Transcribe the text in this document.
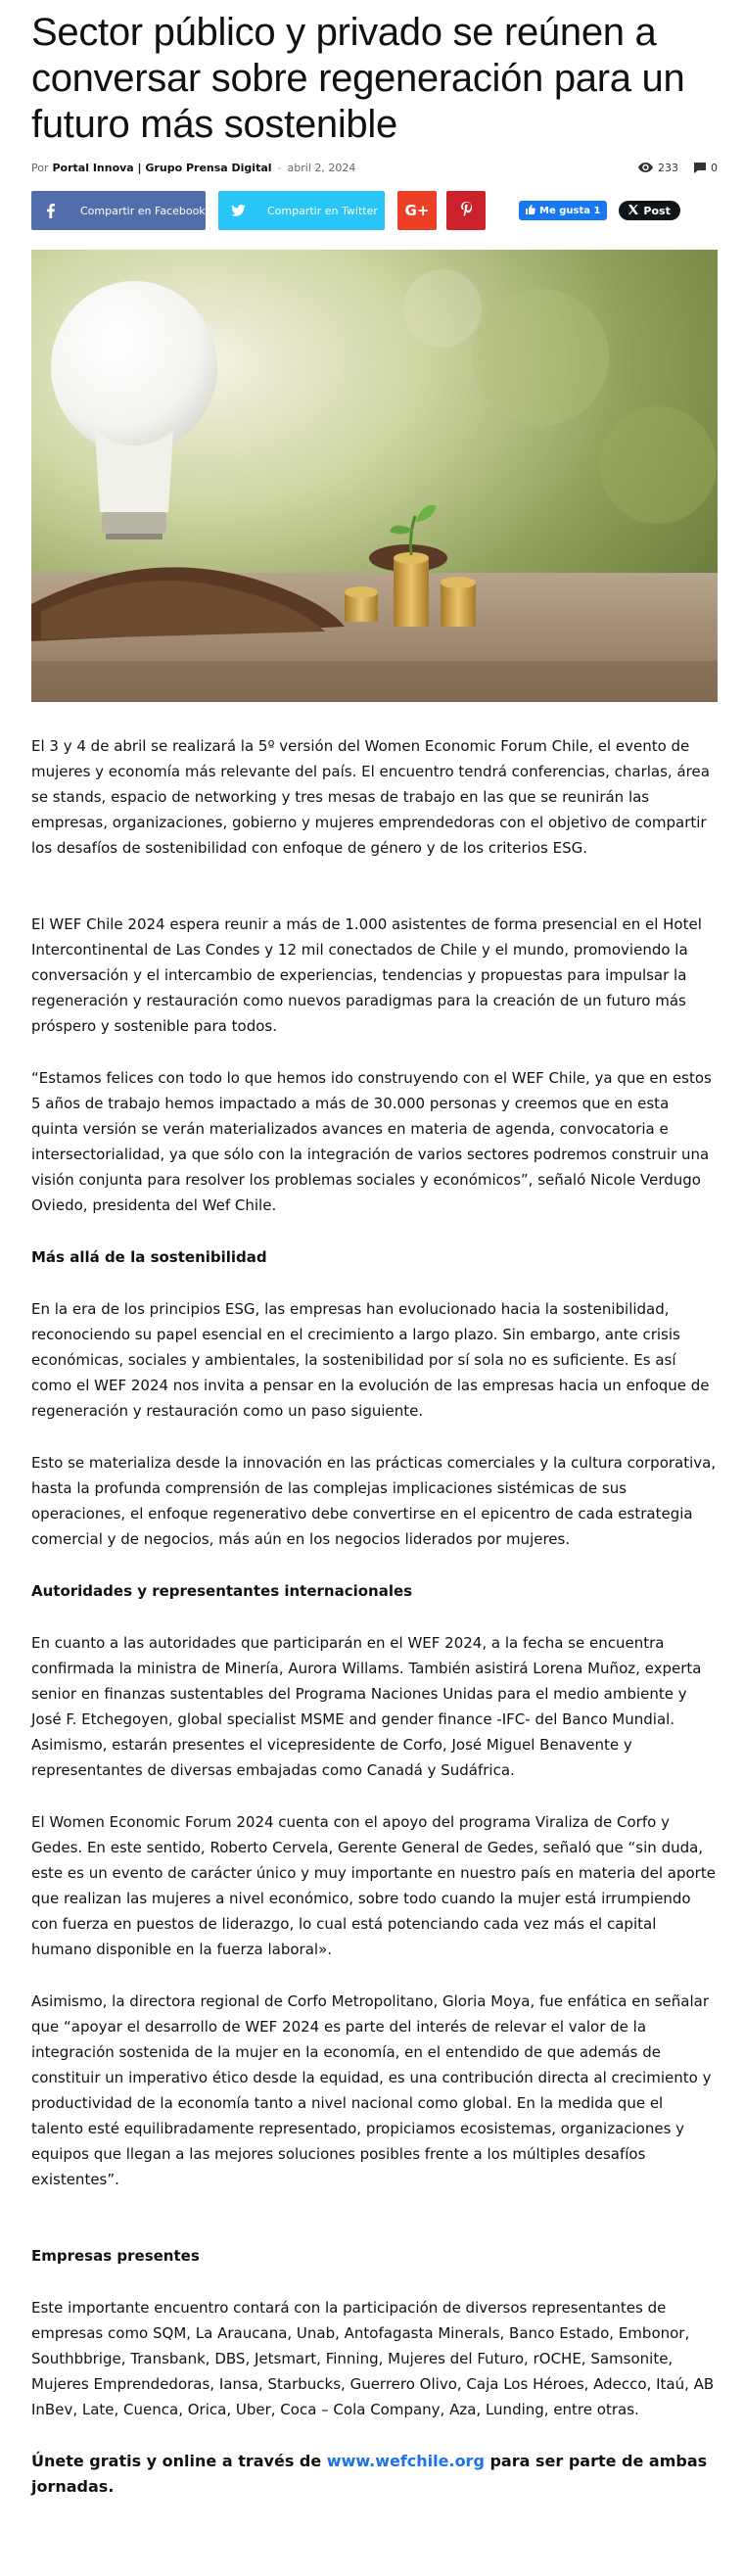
Sector público y privado se reúnen a conversar sobre regeneración para un futuro más sostenible
Por Portal Innova | Grupo Prensa Digital - abril 2, 2024	233	0
Compartir en Facebook	Compartir en Twitter	G+	Me gusta 1	Post

El 3 y 4 de abril se realizará la 5º versión del Women Economic Forum Chile, el evento de mujeres y economía más relevante del país. El encuentro tendrá conferencias, charlas, área se stands, espacio de networking y tres mesas de trabajo en las que se reunirán las empresas, organizaciones, gobierno y mujeres emprendedoras con el objetivo de compartir los desafíos de sostenibilidad con enfoque de género y de los criterios ESG.

El WEF Chile 2024 espera reunir a más de 1.000 asistentes de forma presencial en el Hotel Intercontinental de Las Condes y 12 mil conectados de Chile y el mundo, promoviendo la conversación y el intercambio de experiencias, tendencias y propuestas para impulsar la regeneración y restauración como nuevos paradigmas para la creación de un futuro más próspero y sostenible para todos.

“Estamos felices con todo lo que hemos ido construyendo con el WEF Chile, ya que en estos 5 años de trabajo hemos impactado a más de 30.000 personas y creemos que en esta quinta versión se verán materializados avances en materia de agenda, convocatoria e intersectorialidad, ya que sólo con la integración de varios sectores podremos construir una visión conjunta para resolver los problemas sociales y económicos”, señaló Nicole Verdugo Oviedo, presidenta del Wef Chile.

Más allá de la sostenibilidad

En la era de los principios ESG, las empresas han evolucionado hacia la sostenibilidad, reconociendo su papel esencial en el crecimiento a largo plazo. Sin embargo, ante crisis económicas, sociales y ambientales, la sostenibilidad por sí sola no es suficiente. Es así como el WEF 2024 nos invita a pensar en la evolución de las empresas hacia un enfoque de regeneración y restauración como un paso siguiente.

Esto se materializa desde la innovación en las prácticas comerciales y la cultura corporativa, hasta la profunda comprensión de las complejas implicaciones sistémicas de sus operaciones, el enfoque regenerativo debe convertirse en el epicentro de cada estrategia comercial y de negocios, más aún en los negocios liderados por mujeres.

Autoridades y representantes internacionales

En cuanto a las autoridades que participarán en el WEF 2024, a la fecha se encuentra confirmada la ministra de Minería, Aurora Willams. También asistirá Lorena Muñoz, experta senior en finanzas sustentables del Programa Naciones Unidas para el medio ambiente y José F. Etchegoyen, global specialist MSME and gender finance -IFC- del Banco Mundial. Asimismo, estarán presentes el vicepresidente de Corfo, José Miguel Benavente y representantes de diversas embajadas como Canadá y Sudáfrica.

El Women Economic Forum 2024 cuenta con el apoyo del programa Viraliza de Corfo y Gedes. En este sentido, Roberto Cervela, Gerente General de Gedes, señaló que “sin duda, este es un evento de carácter único y muy importante en nuestro país en materia del aporte que realizan las mujeres a nivel económico, sobre todo cuando la mujer está irrumpiendo con fuerza en puestos de liderazgo, lo cual está potenciando cada vez más el capital humano disponible en la fuerza laboral».

Asimismo, la directora regional de Corfo Metropolitano, Gloria Moya, fue enfática en señalar que “apoyar el desarrollo de WEF 2024 es parte del interés de relevar el valor de la integración sostenida de la mujer en la economía, en el entendido de que además de constituir un imperativo ético desde la equidad, es una contribución directa al crecimiento y productividad de la economía tanto a nivel nacional como global. En la medida que el talento esté equilibradamente representado, propiciamos ecosistemas, organizaciones y equipos que llegan a las mejores soluciones posibles frente a los múltiples desafíos existentes”.

Empresas presentes

Este importante encuentro contará con la participación de diversos representantes de empresas como SQM, La Araucana, Unab, Antofagasta Minerals, Banco Estado, Embonor, Southbbrige, Transbank, DBS, Jetsmart, Finning, Mujeres del Futuro, rOCHE, Samsonite, Mujeres Emprendedoras, Iansa, Starbucks, Guerrero Olivo, Caja Los Héroes, Adecco, Itaú, AB InBev, Late, Cuenca, Orica, Uber, Coca – Cola Company, Aza, Lunding, entre otras.

Únete gratis y online a través de www.wefchile.org para ser parte de ambas jornadas.
